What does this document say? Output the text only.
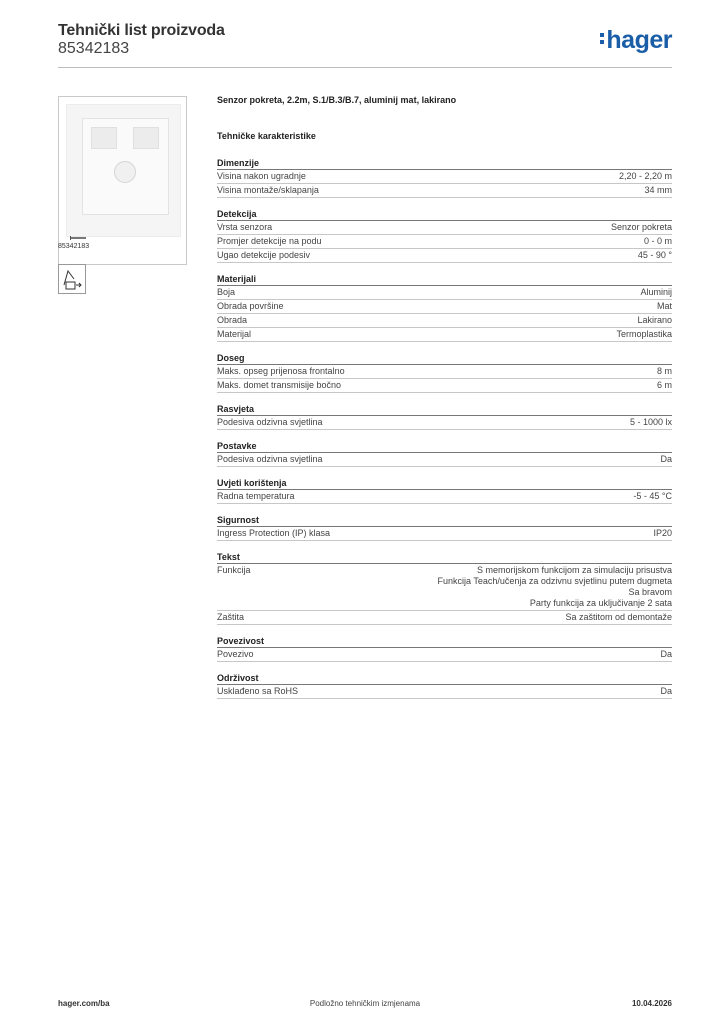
Tehnički list proizvoda
85342183	hager
85342183
Senzor pokreta, 2.2m, S.1/B.3/B.7, aluminij mat, lakirano
Tehničke karakteristike
Dimenzije
Visina nakon ugradnje	2,20 - 2,20 m
Visina montaže/sklapanja	34 mm
Detekcija
Vrsta senzora	Senzor pokreta
Promjer detekcije na podu	0 - 0 m
Ugao detekcije podesiv	45 - 90 °
Materijali
Boja	Aluminij
Obrada površine	Mat
Obrada	Lakirano
Materijal	Termoplastika
Doseg
Maks. opseg prijenosa frontalno	8 m
Maks. domet transmisije bočno	6 m
Rasvjeta
Podesiva odzivna svjetlina	5 - 1000 lx
Postavke
Podesiva odzivna svjetlina	Da
Uvjeti korištenja
Radna temperatura	-5 - 45 °C
Sigurnost
Ingress Protection (IP) klasa	IP20
Tekst
Funkcija	S memorijskom funkcijom za simulaciju prisustva
Funkcija Teach/učenja za odzivnu svjetlinu putem dugmeta
Sa bravom
Party funkcija za uključivanje 2 sata
Zaštita	Sa zaštitom od demontaže
Povezivost
Povezivo	Da
Održivost
Usklađeno sa RoHS	Da
hager.com/ba	Podložno tehničkim izmjenama	10.04.2026
